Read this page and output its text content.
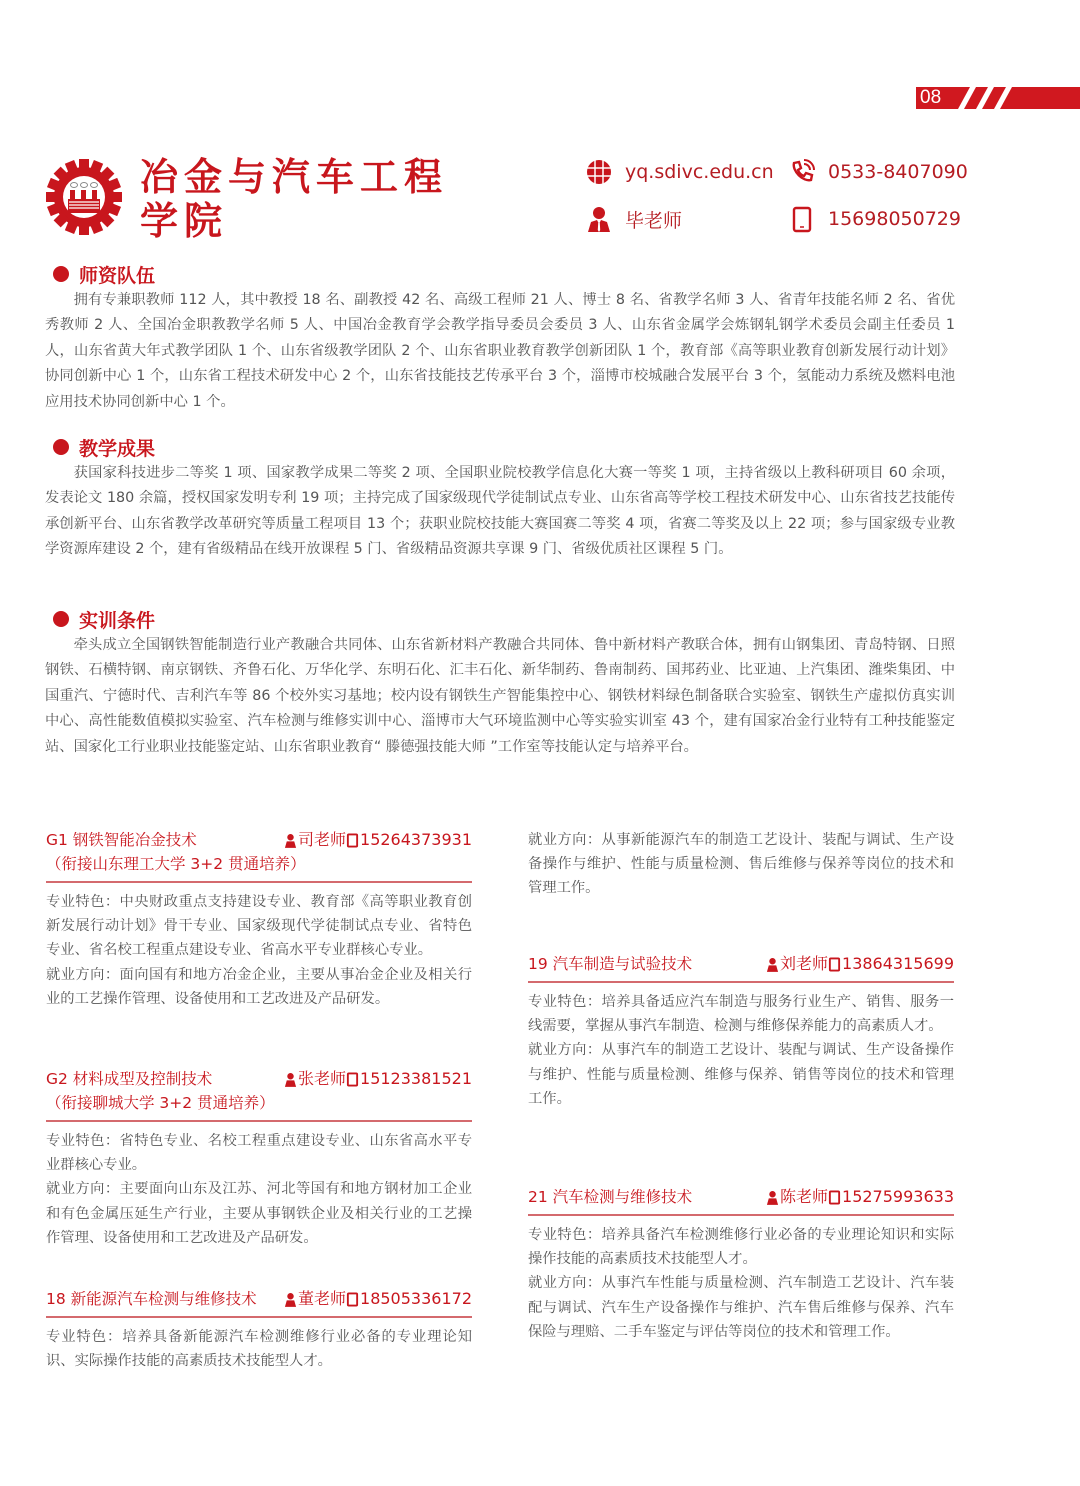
08
冶金与汽车工程
学院
yq.sdivc.edu.cn	0533-8407090
毕老师	15698050729
师资队伍

拥有专兼职教师 112 人，其中教授 18 名、副教授 42 名、高级工程师 21 人、博士 8 名、省教学名师 3 人、省青年技能名师 2 名、省优秀教师 2 人、全国冶金职教教学名师 5 人、中国冶金教育学会教学指导委员会委员 3 人、山东省金属学会炼钢轧钢学术委员会副主任委员 1 人，山东省黄大年式教学团队 1 个、山东省级教学团队 2 个、山东省职业教育教学创新团队 1 个，教育部《高等职业教育创新发展行动计划》协同创新中心 1 个，山东省工程技术研发中心 2 个，山东省技能技艺传承平台 3 个，淄博市校城融合发展平台 3 个，氢能动力系统及燃料电池应用技术协同创新中心 1 个。

教学成果

获国家科技进步二等奖 1 项、国家教学成果二等奖 2 项、全国职业院校教学信息化大赛一等奖 1 项，主持省级以上教科研项目 60 余项，发表论文 180 余篇，授权国家发明专利 19 项；主持完成了国家级现代学徒制试点专业、山东省高等学校工程技术研发中心、山东省技艺技能传承创新平台、山东省教学改革研究等质量工程项目 13 个；获职业院校技能大赛国赛二等奖 4 项，省赛二等奖及以上 22 项；参与国家级专业教学资源库建设 2 个，建有省级精品在线开放课程 5 门、省级精品资源共享课 9 门、省级优质社区课程 5 门。

实训条件

牵头成立全国钢铁智能制造行业产教融合共同体、山东省新材料产教融合共同体、鲁中新材料产教联合体，拥有山钢集团、青岛特钢、日照钢铁、石横特钢、南京钢铁、齐鲁石化、万华化学、东明石化、汇丰石化、新华制药、鲁南制药、国邦药业、比亚迪、上汽集团、潍柴集团、中国重汽、宁德时代、吉利汽车等 86 个校外实习基地；校内设有钢铁生产智能集控中心、钢铁材料绿色制备联合实验室、钢铁生产虚拟仿真实训中心、高性能数值模拟实验室、汽车检测与维修实训中心、淄博市大气环境监测中心等实验实训室 43 个，建有国家冶金行业特有工种技能鉴定站、国家化工行业职业技能鉴定站、山东省职业教育“ 滕德强技能大师 ”工作室等技能认定与培养平台。

G1 钢铁智能冶金技术
（衔接山东理工大学 3+2 贯通培养）
司老师 15264373931

专业特色：中央财政重点支持建设专业、教育部《高等职业教育创新发展行动计划》骨干专业、国家级现代学徒制试点专业、省特色专业、省名校工程重点建设专业、省高水平专业群核心专业。

就业方向：面向国有和地方冶金企业，主要从事冶金企业及相关行业的工艺操作管理、设备使用和工艺改进及产品研发。

G2 材料成型及控制技术
（衔接聊城大学 3+2 贯通培养）
张老师 15123381521

专业特色：省特色专业、名校工程重点建设专业、山东省高水平专业群核心专业。

就业方向：主要面向山东及江苏、河北等国有和地方钢材加工企业和有色金属压延生产行业，主要从事钢铁企业及相关行业的工艺操作管理、设备使用和工艺改进及产品研发。

18 新能源汽车检测与维修技术	董老师 18505336172

专业特色：培养具备新能源汽车检测维修行业必备的专业理论知识、实际操作技能的高素质技术技能型人才。

就业方向：从事新能源汽车的制造工艺设计、装配与调试、生产设备操作与维护、性能与质量检测、售后维修与保养等岗位的技术和管理工作。

19 汽车制造与试验技术	刘老师 13864315699

专业特色：培养具备适应汽车制造与服务行业生产、销售、服务一线需要，掌握从事汽车制造、检测与维修保养能力的高素质人才。

就业方向：从事汽车的制造工艺设计、装配与调试、生产设备操作与维护、性能与质量检测、维修与保养、销售等岗位的技术和管理工作。

21 汽车检测与维修技术	陈老师 15275993633

专业特色：培养具备汽车检测维修行业必备的专业理论知识和实际操作技能的高素质技术技能型人才。

就业方向：从事汽车性能与质量检测、汽车制造工艺设计、汽车装配与调试、汽车生产设备操作与维护、汽车售后维修与保养、汽车保险与理赔、二手车鉴定与评估等岗位的技术和管理工作。
